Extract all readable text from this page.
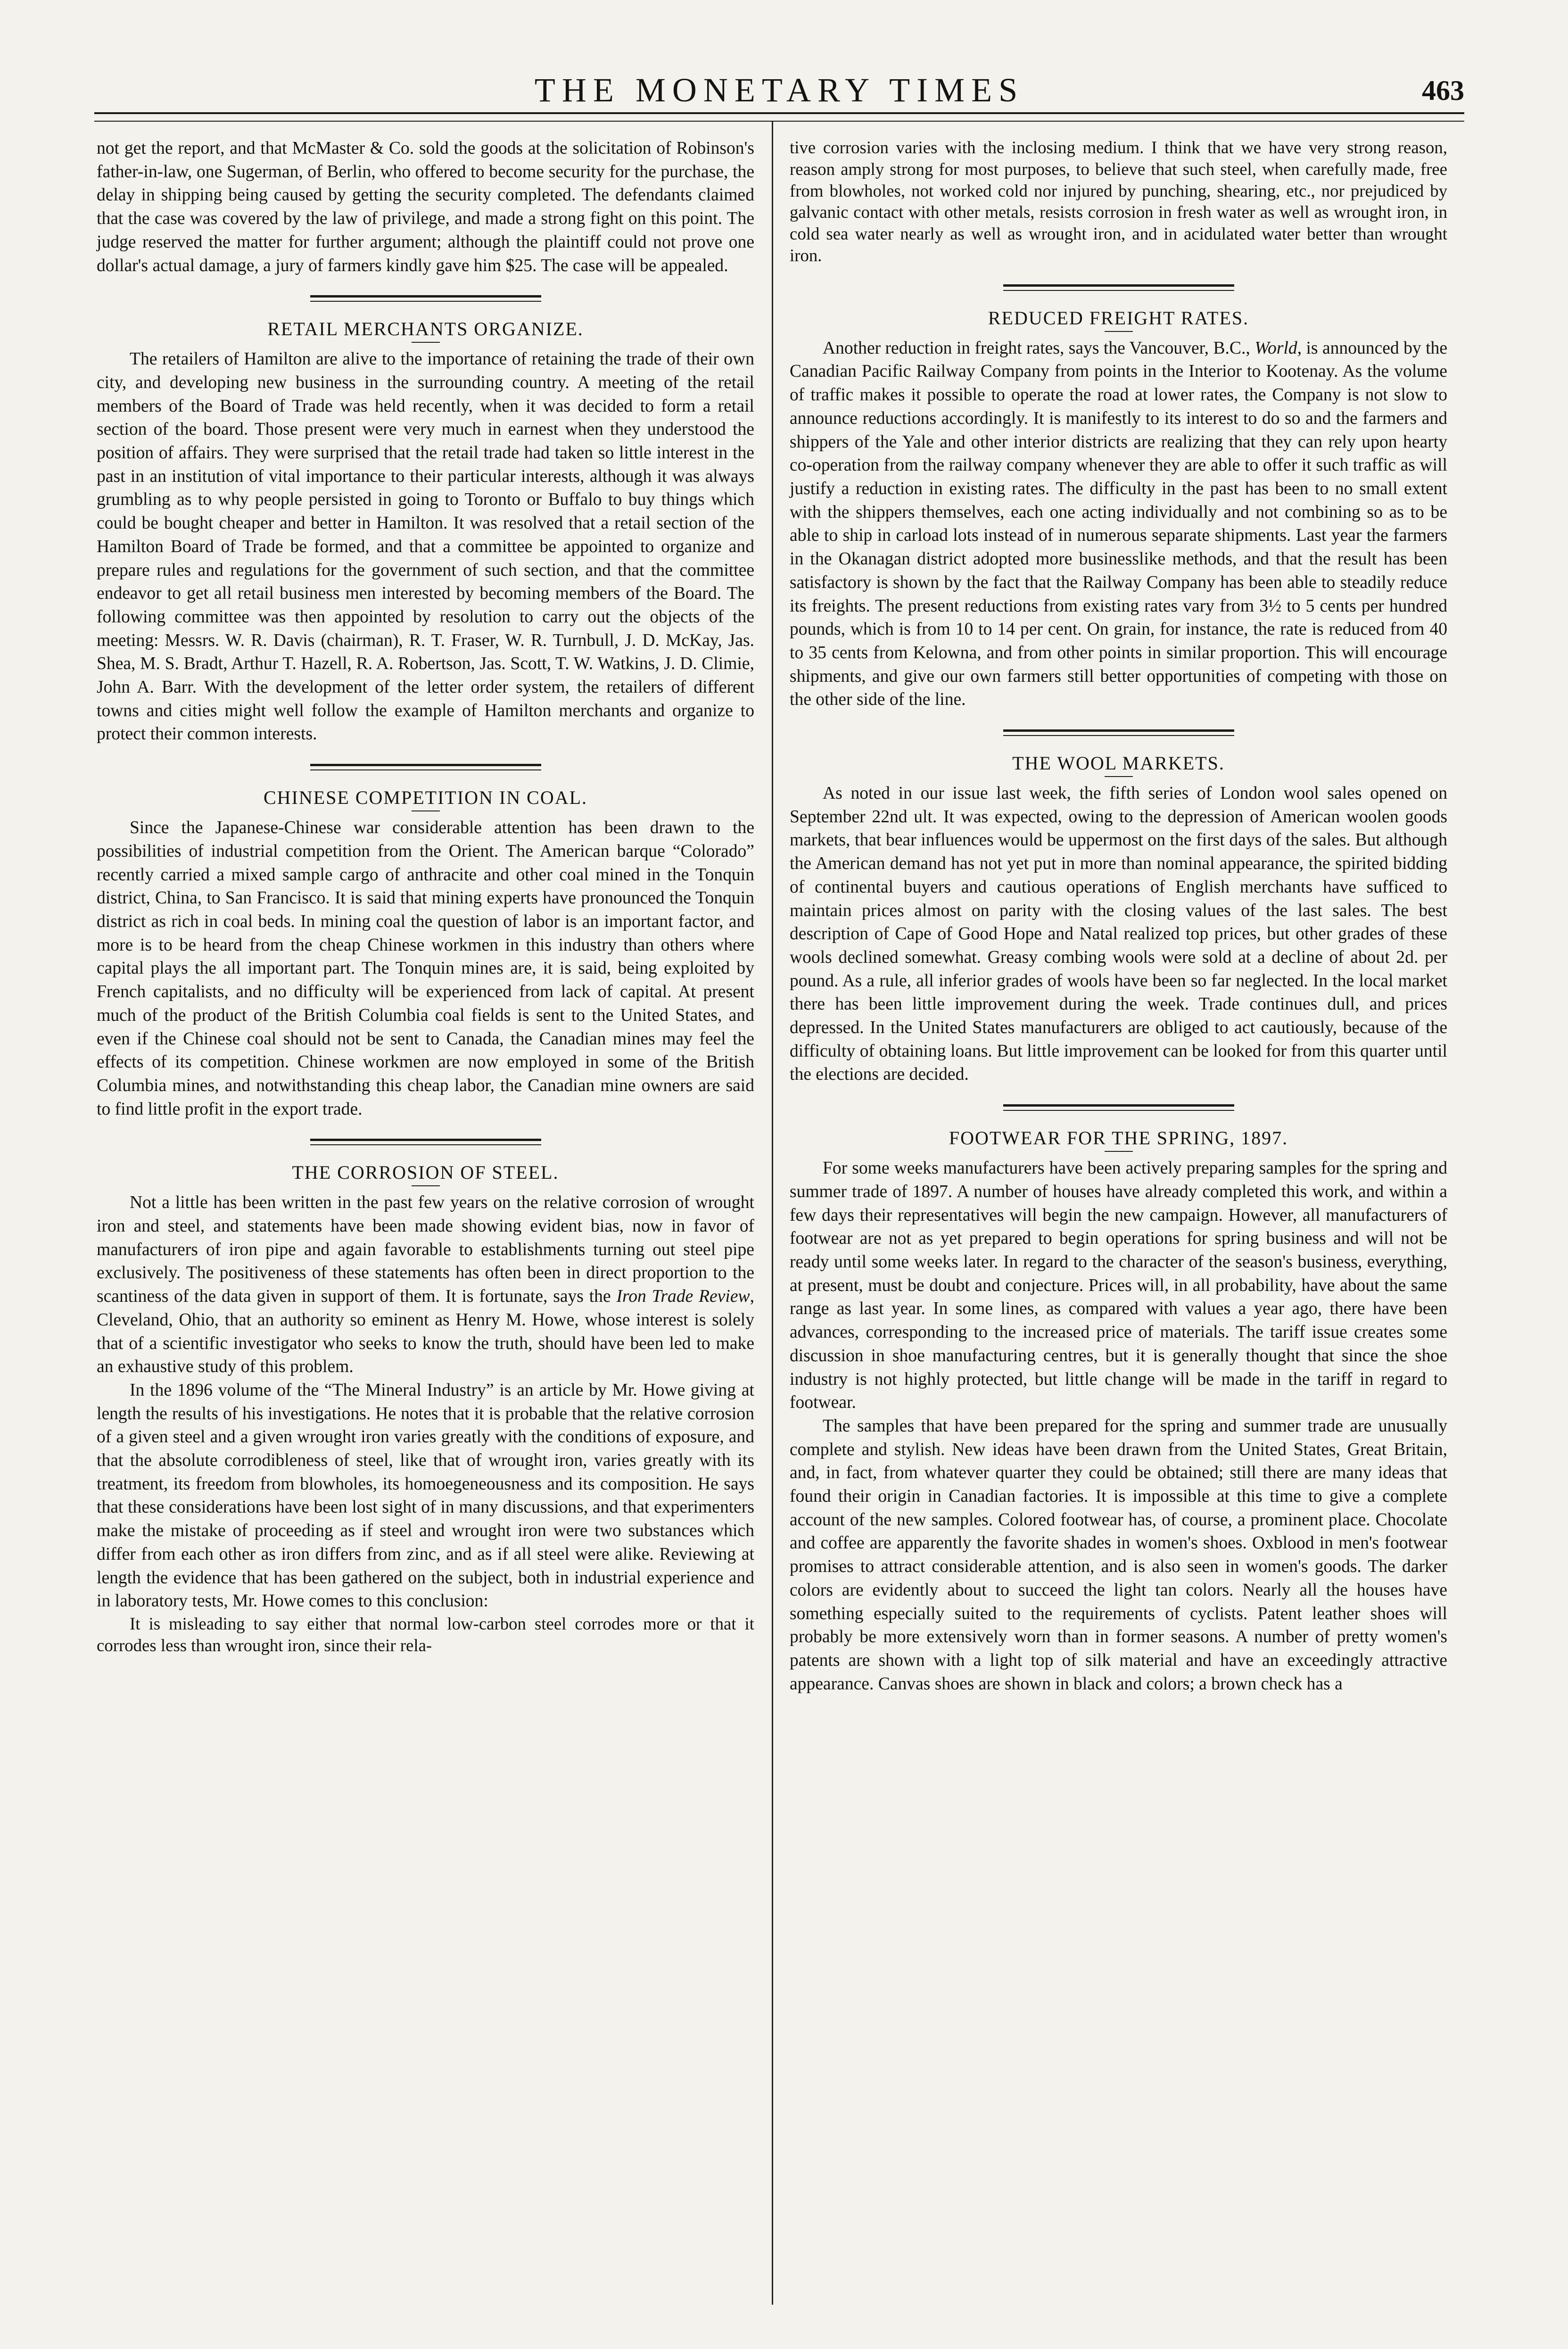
THE MONETARY TIMES	463

not get the report, and that McMaster & Co. sold the goods at the solicitation of Robinson's father-in-law, one Sugerman, of Berlin, who offered to become security for the purchase, the delay in shipping being caused by getting the security completed. The defendants claimed that the case was covered by the law of privilege, and made a strong fight on this point. The judge reserved the matter for further argument; although the plaintiff could not prove one dollar's actual damage, a jury of farmers kindly gave him $25. The case will be appealed.

RETAIL MERCHANTS ORGANIZE.

The retailers of Hamilton are alive to the importance of retaining the trade of their own city, and developing new business in the surrounding country. A meeting of the retail members of the Board of Trade was held recently, when it was decided to form a retail section of the board. Those present were very much in earnest when they understood the position of affairs. They were surprised that the retail trade had taken so little interest in the past in an institution of vital importance to their particular interests, although it was always grumbling as to why people persisted in going to Toronto or Buffalo to buy things which could be bought cheaper and better in Hamilton. It was resolved that a retail section of the Hamilton Board of Trade be formed, and that a committee be appointed to organize and prepare rules and regulations for the government of such section, and that the committee endeavor to get all retail business men interested by becoming members of the Board. The following committee was then appointed by resolution to carry out the objects of the meeting: Messrs. W. R. Davis (chairman), R. T. Fraser, W. R. Turnbull, J. D. McKay, Jas. Shea, M. S. Bradt, Arthur T. Hazell, R. A. Robertson, Jas. Scott, T. W. Watkins, J. D. Climie, John A. Barr. With the development of the letter order system, the retailers of different towns and cities might well follow the example of Hamilton merchants and organize to protect their common interests.

CHINESE COMPETITION IN COAL.

Since the Japanese-Chinese war considerable attention has been drawn to the possibilities of industrial competition from the Orient. The American barque “Colorado” recently carried a mixed sample cargo of anthracite and other coal mined in the Tonquin district, China, to San Francisco. It is said that mining experts have pronounced the Tonquin district as rich in coal beds. In mining coal the question of labor is an important factor, and more is to be heard from the cheap Chinese workmen in this industry than others where capital plays the all important part. The Tonquin mines are, it is said, being exploited by French capitalists, and no difficulty will be experienced from lack of capital. At present much of the product of the British Columbia coal fields is sent to the United States, and even if the Chinese coal should not be sent to Canada, the Canadian mines may feel the effects of its competition. Chinese workmen are now employed in some of the British Columbia mines, and notwithstanding this cheap labor, the Canadian mine owners are said to find little profit in the export trade.

THE CORROSION OF STEEL.

Not a little has been written in the past few years on the relative corrosion of wrought iron and steel, and statements have been made showing evident bias, now in favor of manufacturers of iron pipe and again favorable to establishments turning out steel pipe exclusively. The positiveness of these statements has often been in direct proportion to the scantiness of the data given in support of them. It is fortunate, says the Iron Trade Review, Cleveland, Ohio, that an authority so eminent as Henry M. Howe, whose interest is solely that of a scientific investigator who seeks to know the truth, should have been led to make an exhaustive study of this problem.

In the 1896 volume of the “The Mineral Industry” is an article by Mr. Howe giving at length the results of his investigations. He notes that it is probable that the relative corrosion of a given steel and a given wrought iron varies greatly with the conditions of exposure, and that the absolute corrodibleness of steel, like that of wrought iron, varies greatly with its treatment, its freedom from blowholes, its homoegeneousness and its composition. He says that these considerations have been lost sight of in many discussions, and that experimenters make the mistake of proceeding as if steel and wrought iron were two substances which differ from each other as iron differs from zinc, and as if all steel were alike. Reviewing at length the evidence that has been gathered on the subject, both in industrial experience and in laboratory tests, Mr. Howe comes to this conclusion:

It is misleading to say either that normal low-carbon steel corrodes more or that it corrodes less than wrought iron, since their rela-

tive corrosion varies with the inclosing medium. I think that we have very strong reason, reason amply strong for most purposes, to believe that such steel, when carefully made, free from blowholes, not worked cold nor injured by punching, shearing, etc., nor prejudiced by galvanic contact with other metals, resists corrosion in fresh water as well as wrought iron, in cold sea water nearly as well as wrought iron, and in acidulated water better than wrought iron.

REDUCED FREIGHT RATES.

Another reduction in freight rates, says the Vancouver, B.C., World, is announced by the Canadian Pacific Railway Company from points in the Interior to Kootenay. As the volume of traffic makes it possible to operate the road at lower rates, the Company is not slow to announce reductions accordingly. It is manifestly to its interest to do so and the farmers and shippers of the Yale and other interior districts are realizing that they can rely upon hearty co-operation from the railway company whenever they are able to offer it such traffic as will justify a reduction in existing rates. The difficulty in the past has been to no small extent with the shippers themselves, each one acting individually and not combining so as to be able to ship in carload lots instead of in numerous separate shipments. Last year the farmers in the Okanagan district adopted more businesslike methods, and that the result has been satisfactory is shown by the fact that the Railway Company has been able to steadily reduce its freights. The present reductions from existing rates vary from 3½ to 5 cents per hundred pounds, which is from 10 to 14 per cent. On grain, for instance, the rate is reduced from 40 to 35 cents from Kelowna, and from other points in similar proportion. This will encourage shipments, and give our own farmers still better opportunities of competing with those on the other side of the line.

THE WOOL MARKETS.

As noted in our issue last week, the fifth series of London wool sales opened on September 22nd ult. It was expected, owing to the depression of American woolen goods markets, that bear influences would be uppermost on the first days of the sales. But although the American demand has not yet put in more than nominal appearance, the spirited bidding of continental buyers and cautious operations of English merchants have sufficed to maintain prices almost on parity with the closing values of the last sales. The best description of Cape of Good Hope and Natal realized top prices, but other grades of these wools declined somewhat. Greasy combing wools were sold at a decline of about 2d. per pound. As a rule, all inferior grades of wools have been so far neglected. In the local market there has been little improvement during the week. Trade continues dull, and prices depressed. In the United States manufacturers are obliged to act cautiously, because of the difficulty of obtaining loans. But little improvement can be looked for from this quarter until the elections are decided.

FOOTWEAR FOR THE SPRING, 1897.

For some weeks manufacturers have been actively preparing samples for the spring and summer trade of 1897. A number of houses have already completed this work, and within a few days their representatives will begin the new campaign. However, all manufacturers of footwear are not as yet prepared to begin operations for spring business and will not be ready until some weeks later. In regard to the character of the season's business, everything, at present, must be doubt and conjecture. Prices will, in all probability, have about the same range as last year. In some lines, as compared with values a year ago, there have been advances, corresponding to the increased price of materials. The tariff issue creates some discussion in shoe manufacturing centres, but it is generally thought that since the shoe industry is not highly protected, but little change will be made in the tariff in regard to footwear.

The samples that have been prepared for the spring and summer trade are unusually complete and stylish. New ideas have been drawn from the United States, Great Britain, and, in fact, from whatever quarter they could be obtained; still there are many ideas that found their origin in Canadian factories. It is impossible at this time to give a complete account of the new samples. Colored footwear has, of course, a prominent place. Chocolate and coffee are apparently the favorite shades in women's shoes. Oxblood in men's footwear promises to attract considerable attention, and is also seen in women's goods. The darker colors are evidently about to succeed the light tan colors. Nearly all the houses have something especially suited to the requirements of cyclists. Patent leather shoes will probably be more extensively worn than in former seasons. A number of pretty women's patents are shown with a light top of silk material and have an exceedingly attractive appearance. Canvas shoes are shown in black and colors; a brown check has a
